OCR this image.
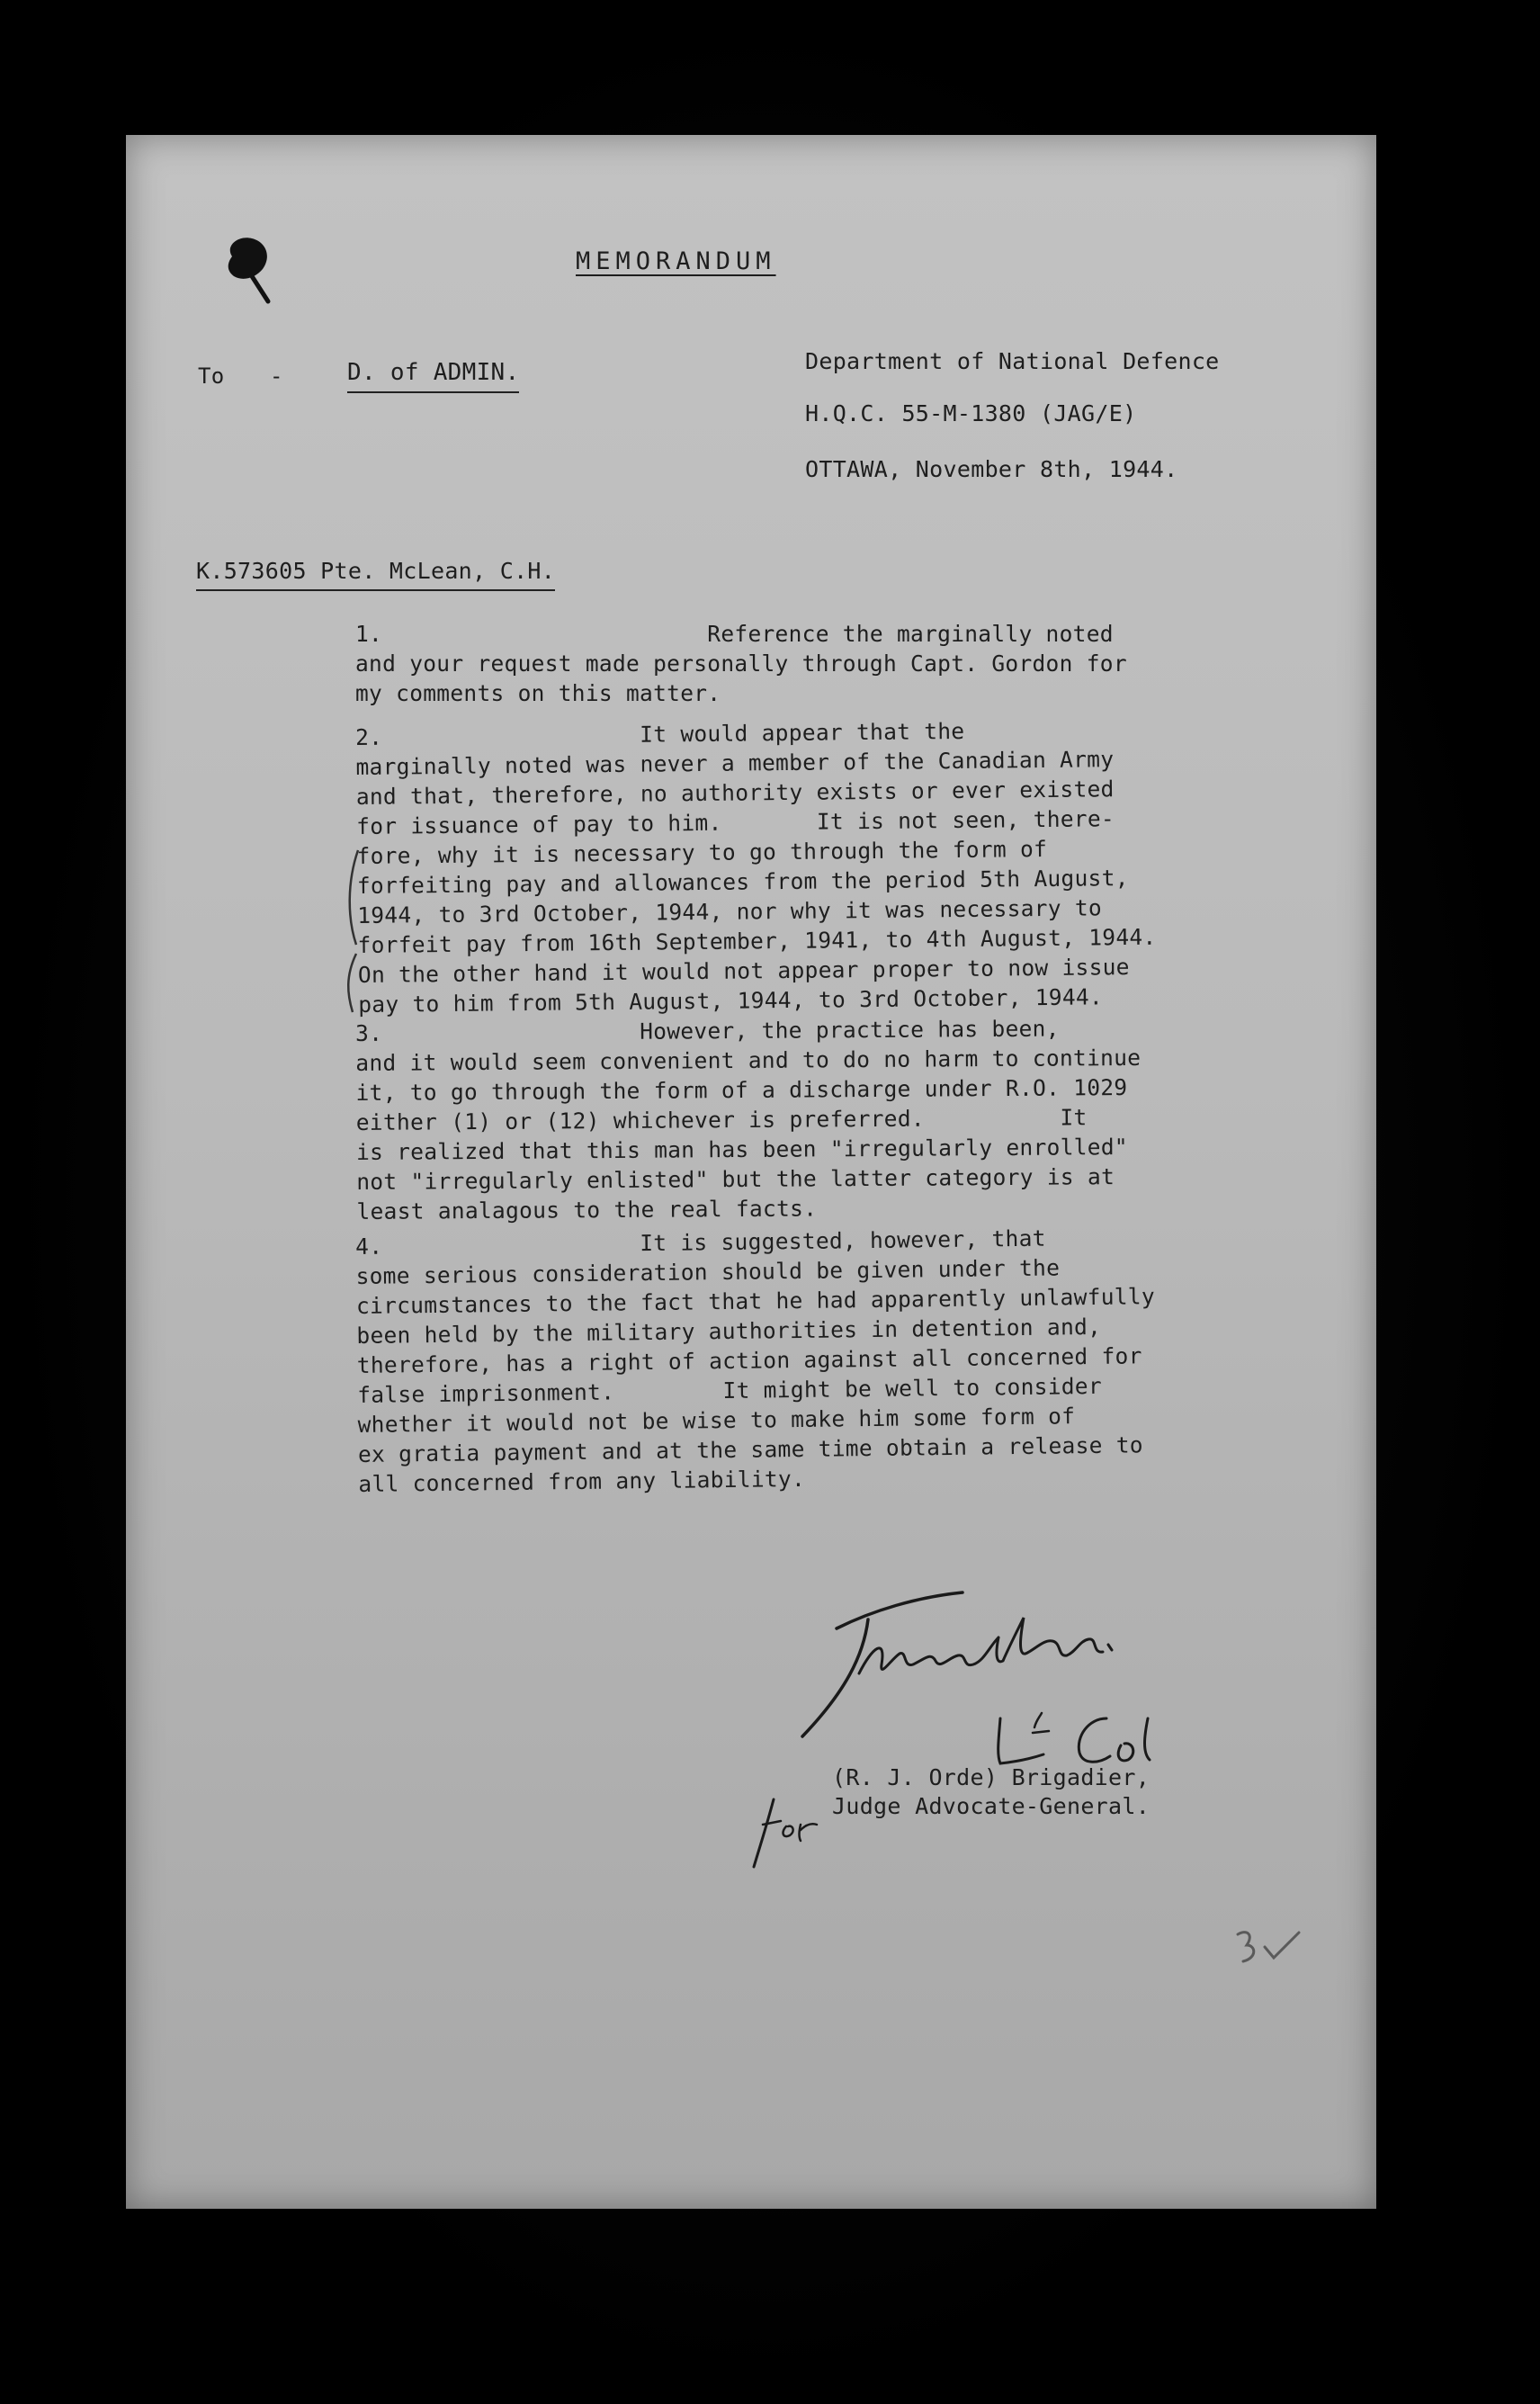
MEMORANDUM
To -	D. of ADMIN.	Department of National Defence
H.Q.C. 55-M-1380 (JAG/E)
OTTAWA, November 8th, 1944.
K.573605 Pte. McLean, C.H.
1.                        Reference the marginally noted
and your request made personally through Capt. Gordon for
my comments on this matter.
2.                   It would appear that the
marginally noted was never a member of the Canadian Army
and that, therefore, no authority exists or ever existed
for issuance of pay to him.       It is not seen, there-
fore, why it is necessary to go through the form of
forfeiting pay and allowances from the period 5th August,
1944, to 3rd October, 1944, nor why it was necessary to
forfeit pay from 16th September, 1941, to 4th August, 1944.
On the other hand it would not appear proper to now issue
pay to him from 5th August, 1944, to 3rd October, 1944.
3.                   However, the practice has been,
and it would seem convenient and to do no harm to continue
it, to go through the form of a discharge under R.O. 1029
either (1) or (12) whichever is preferred.          It
is realized that this man has been "irregularly enrolled"
not "irregularly enlisted" but the latter category is at
least analagous to the real facts.
4.                   It is suggested, however, that
some serious consideration should be given under the
circumstances to the fact that he had apparently unlawfully
been held by the military authorities in detention and,
therefore, has a right of action against all concerned for
false imprisonment.        It might be well to consider
whether it would not be wise to make him some form of
ex gratia payment and at the same time obtain a release to
all concerned from any liability.
(R. J. Orde) Brigadier,
Judge Advocate-General.
